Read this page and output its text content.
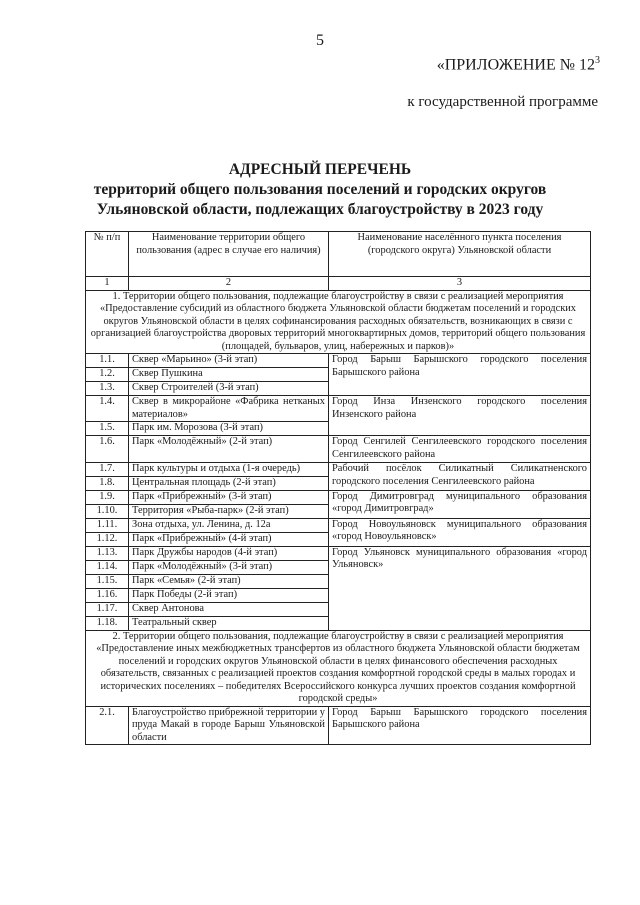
5
«ПРИЛОЖЕНИЕ № $12^3$
к государственной программе
АДРЕСНЫЙ ПЕРЕЧЕНЬ
территорий общего пользования поселений и городских округов
Ульяновской области, подлежащих благоустройству в 2023 году
№ п/п	Наименование территории общего пользования (адрес в случае его наличия)	Наименование населённого пункта поселения (городского округа) Ульяновской области
1	2	3
1. Территории общего пользования, подлежащие благоустройству в связи с реализацией мероприятия «Предоставление субсидий из областного бюджета Ульяновской области бюджетам поселений и городских округов Ульяновской области в целях софинансирования расходных обязательств, возникающих в связи с организацией благоустройства дворовых территорий многоквартирных домов, территорий общего пользования (площадей, бульваров, улиц, набережных и парков)»		
1.1.	Сквер «Марьино» (3-й этап)	Город Барыш Барышского городского поселения Барышского района
1.2.	Сквер Пушкина	
1.3.	Сквер Строителей (3-й этап)	
1.4.	Сквер в микрорайоне «Фабрика нетканых материалов»	Город Инза Инзенского городского поселения Инзенского района
1.5.	Парк им. Морозова (3-й этап)	
1.6.	Парк «Молодёжный» (2-й этап)	Город Сенгилей Сенгилеевского городского поселения Сенгилеевского района
1.7.	Парк культуры и отдыха (1-я очередь)	Рабочий посёлок Силикатный Силикатненского городского поселения Сенгилеевского района
1.8.	Центральная площадь (2-й этап)	
1.9.	Парк «Прибрежный» (3-й этап)	Город Димитровград муниципального образования «город Димитровград»
1.10.	Территория «Рыба-парк» (2-й этап)	
1.11.	Зона отдыха, ул. Ленина, д. 12а	Город Новоульяновск муниципального образования «город Новоульяновск»
1.12.	Парк «Прибрежный» (4-й этап)	
1.13.	Парк Дружбы народов (4-й этап)	Город Ульяновск муниципального образования «город Ульяновск»
1.14.	Парк «Молодёжный» (3-й этап)	
1.15.	Парк «Семья» (2-й этап)	
1.16.	Парк Победы (2-й этап)	
1.17.	Сквер Антонова	
1.18.	Театральный сквер	
2. Территории общего пользования, подлежащие благоустройству в связи с реализацией мероприятия «Предоставление иных межбюджетных трансфертов из областного бюджета Ульяновской области бюджетам поселений и городских округов Ульяновской области в целях финансового обеспечения расходных обязательств, связанных с реализацией проектов создания комфортной городской среды в малых городах и исторических поселениях – победителях Всероссийского конкурса лучших проектов создания комфортной городской среды»		
2.1.	Благоустройство прибрежной территории у пруда Макай в городе Барыш Ульяновской области	Город Барыш Барышского городского поселения Барышского района
